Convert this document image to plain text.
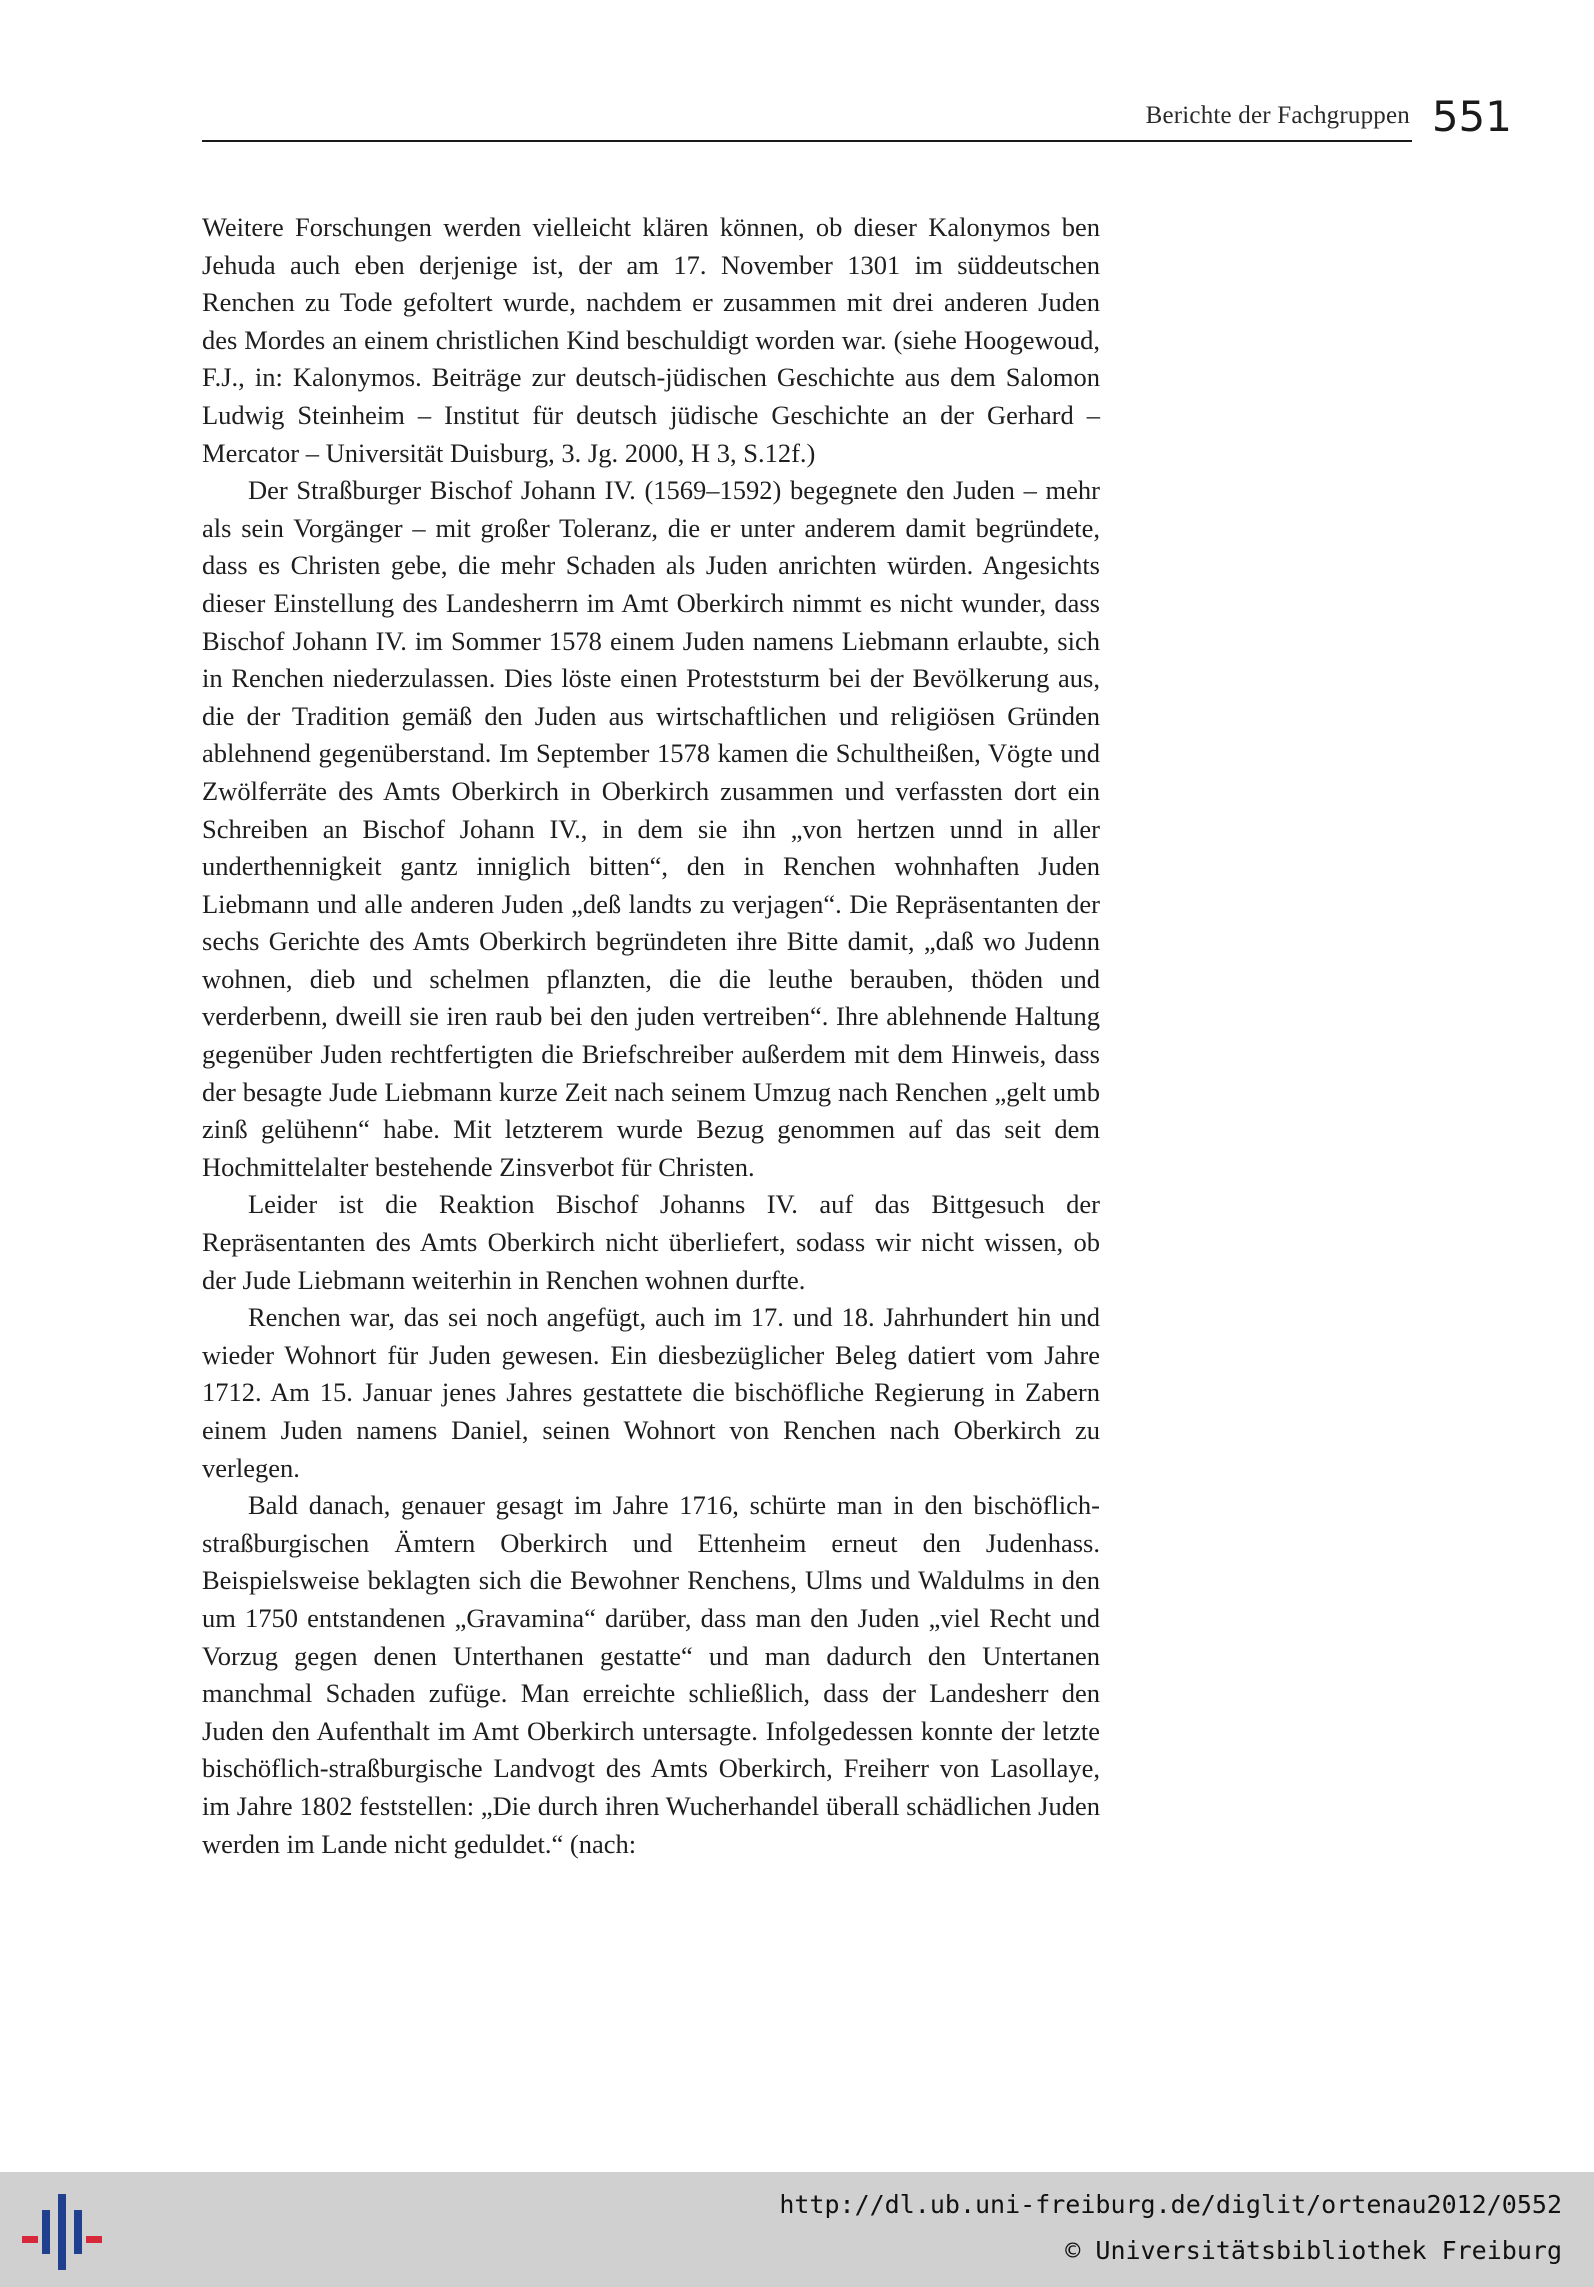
Berichte der Fachgruppen 551

Weitere Forschungen werden vielleicht klären können, ob dieser Kalonymos ben Jehuda auch eben derjenige ist, der am 17. November 1301 im süddeutschen Renchen zu Tode gefoltert wurde, nachdem er zusammen mit drei anderen Juden des Mordes an einem christlichen Kind beschuldigt worden war. (siehe Hoogewoud, F.J., in: Kalonymos. Beiträge zur deutsch-jüdischen Geschichte aus dem Salomon Ludwig Steinheim – Institut für deutsch jüdische Geschichte an der Gerhard – Mercator – Universität Duisburg, 3. Jg. 2000, H 3, S.12f.)

Der Straßburger Bischof Johann IV. (1569–1592) begegnete den Juden – mehr als sein Vorgänger – mit großer Toleranz, die er unter anderem damit begründete, dass es Christen gebe, die mehr Schaden als Juden anrichten würden. Angesichts dieser Einstellung des Landesherrn im Amt Oberkirch nimmt es nicht wunder, dass Bischof Johann IV. im Sommer 1578 einem Juden namens Liebmann erlaubte, sich in Renchen niederzulassen. Dies löste einen Proteststurm bei der Bevölkerung aus, die der Tradition gemäß den Juden aus wirtschaftlichen und religiösen Gründen ablehnend gegenüberstand. Im September 1578 kamen die Schultheißen, Vögte und Zwölferräte des Amts Oberkirch in Oberkirch zusammen und verfassten dort ein Schreiben an Bischof Johann IV., in dem sie ihn „von hertzen unnd in aller underthennigkeit gantz inniglich bitten“, den in Renchen wohnhaften Juden Liebmann und alle anderen Juden „deß landts zu verjagen“. Die Repräsentanten der sechs Gerichte des Amts Oberkirch begründeten ihre Bitte damit, „daß wo Judenn wohnen, dieb und schelmen pflanzten, die die leuthe berauben, thöden und verderbenn, dweill sie iren raub bei den juden vertreiben“. Ihre ablehnende Haltung gegenüber Juden rechtfertigten die Briefschreiber außerdem mit dem Hinweis, dass der besagte Jude Liebmann kurze Zeit nach seinem Umzug nach Renchen „gelt umb zinß gelühenn“ habe. Mit letzterem wurde Bezug genommen auf das seit dem Hochmittelalter bestehende Zinsverbot für Christen.

Leider ist die Reaktion Bischof Johanns IV. auf das Bittgesuch der Repräsentanten des Amts Oberkirch nicht überliefert, sodass wir nicht wissen, ob der Jude Liebmann weiterhin in Renchen wohnen durfte.

Renchen war, das sei noch angefügt, auch im 17. und 18. Jahrhundert hin und wieder Wohnort für Juden gewesen. Ein diesbezüglicher Beleg datiert vom Jahre 1712. Am 15. Januar jenes Jahres gestattete die bischöfliche Regierung in Zabern einem Juden namens Daniel, seinen Wohnort von Renchen nach Oberkirch zu verlegen.

Bald danach, genauer gesagt im Jahre 1716, schürte man in den bischöflich-straßburgischen Ämtern Oberkirch und Ettenheim erneut den Judenhass. Beispielsweise beklagten sich die Bewohner Renchens, Ulms und Waldulms in den um 1750 entstandenen „Gravamina“ darüber, dass man den Juden „viel Recht und Vorzug gegen denen Unterthanen gestatte“ und man dadurch den Untertanen manchmal Schaden zufüge. Man erreichte schließlich, dass der Landesherr den Juden den Aufenthalt im Amt Oberkirch untersagte. Infolgedessen konnte der letzte bischöflich-straßburgische Landvogt des Amts Oberkirch, Freiherr von Lasollaye, im Jahre 1802 feststellen: „Die durch ihren Wucherhandel überall schädlichen Juden werden im Lande nicht geduldet.“ (nach:

http://dl.ub.uni-freiburg.de/diglit/ortenau2012/0552
© Universitätsbibliothek Freiburg
